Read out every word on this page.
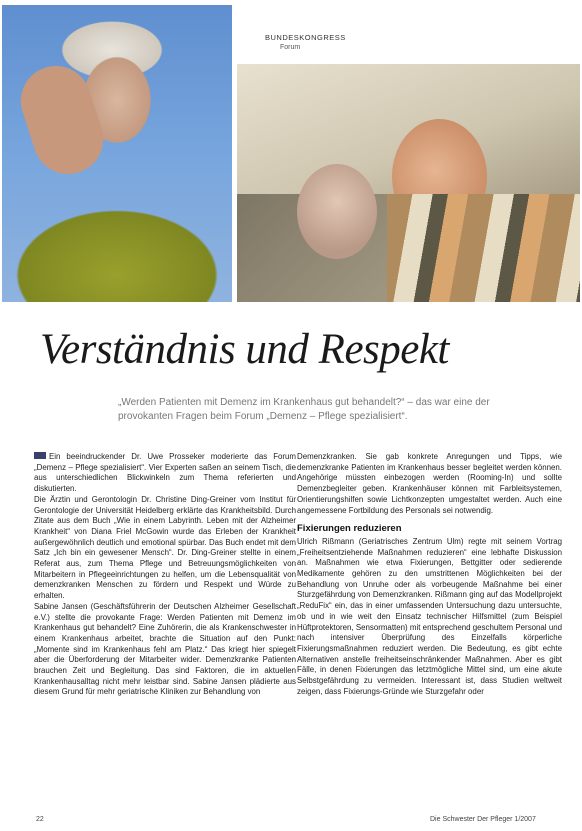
BUNDESKONGRESS
Forum
Verständnis und Respekt
„Werden Patienten mit Demenz im Krankenhaus gut behandelt?“ – das war eine der provokanten Fragen beim Forum „Demenz – Pflege spezialisiert“.

Ein beeindruckender Dr. Uwe Prosseker moderierte das Forum „Demenz – Pflege spezialisiert“. Vier Experten saßen an seinem Tisch, die aus unterschiedlichen Blickwinkeln zum Thema referierten und diskutierten.

Die Ärztin und Gerontologin Dr. Christine Ding-Greiner vom Institut für Gerontologie der Universität Heidelberg erklärte das Krankheitsbild. Durch Zitate aus dem Buch „Wie in einem Labyrinth. Leben mit der Alzheimer Krankheit“ von Diana Friel McGowin wurde das Erleben der Krankheit außergewöhnlich deutlich und emotional spürbar. Das Buch endet mit dem Satz „Ich bin ein gewesener Mensch“. Dr. Ding-Greiner stellte in einem Referat aus, zum Thema Pflege und Betreuungsmöglichkeiten von Mitarbeitern in Pflegeeinrichtungen zu helfen, um die Lebensqualität von demenzkranken Menschen zu fördern und Respekt und Würde zu erhalten.

Sabine Jansen (Geschäftsführerin der Deutschen Alzheimer Gesellschaft e.V.) stellte die provokante Frage: Werden Patienten mit Demenz im Krankenhaus gut behandelt? Eine Zuhörerin, die als Krankenschwester in einem Krankenhaus arbeitet, brachte die Situation auf den Punkt: „Momente sind im Krankenhaus fehl am Platz.“ Das kriegt hier spiegelt aber die Überforderung der Mitarbeiter wider. Demenzkranke Patienten brauchen Zeit und Begleitung. Das sind Faktoren, die im aktuellen Krankenhausalltag nicht mehr leistbar sind. Sabine Jansen plädierte aus diesem Grund für mehr geriatrische Kliniken zur Behandlung von

Demenzkranken. Sie gab konkrete Anregungen und Tipps, wie demenzkranke Patienten im Krankenhaus besser begleitet werden können. Angehörige müssten einbezogen werden (Rooming-In) und sollte Demenzbegleiter geben. Krankenhäuser können mit Farbleitsystemen, Orientierungshilfen sowie Lichtkonzepten umgestaltet werden. Auch eine angemessene Fortbildung des Personals sei notwendig.

Fixierungen reduzieren

Ulrich Rißmann (Geriatrisches Zentrum Ulm) regte mit seinem Vortrag „Freiheitsentziehende Maßnahmen reduzieren“ eine lebhafte Diskussion an. Maßnahmen wie etwa Fixierungen, Bettgitter oder sedierende Medikamente gehören zu den umstrittenen Möglichkeiten bei der Behandlung von Unruhe oder als vorbeugende Maßnahme bei einer Sturzgefährdung von Demenzkranken. Rißmann ging auf das Modellprojekt „ReduFix“ ein, das in einer umfassenden Untersuchung dazu untersuchte, ob und in wie weit den Einsatz technischer Hilfsmittel (zum Beispiel Hüftprotektoren, Sensormatten) mit entsprechend geschultem Personal und nach intensiver Überprüfung des Einzelfalls körperliche Fixierungsmaßnahmen reduziert werden. Die Bedeutung, es gibt echte Alternativen anstelle freiheitseinschränkender Maßnahmen. Aber es gibt Fälle, in denen Fixierungen das letztmögliche Mittel sind, um eine akute Selbstgefährdung zu vermeiden. Interessant ist, dass Studien weltweit zeigen, dass Fixierungs-Gründe wie Sturzgefahr oder

22	Die Schwester Der Pfleger 1/2007
